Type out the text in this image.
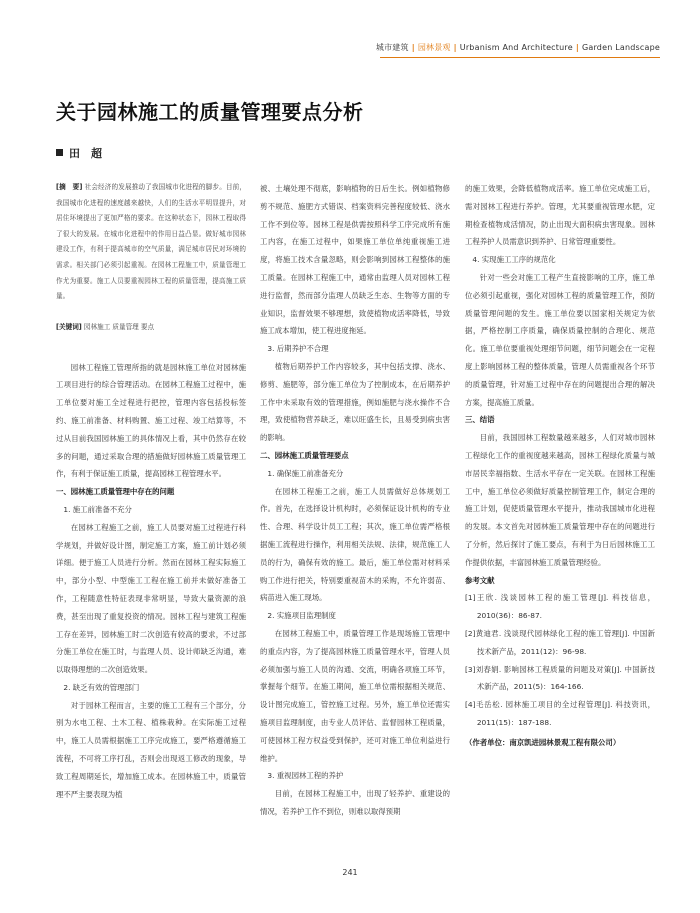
城市建筑 | 园林景观 | Urbanism And Architecture | Garden Landscape
关于园林施工的质量管理要点分析
田　超
[摘　要] 社会经济的发展推动了我国城市化进程的脚步。目前，我国城市化进程的速度越来越快，人们的生活水平明显提升，对居住环境提出了更加严格的要求。在这种状态下，园林工程取得了很大的发展。在城市化进程中的作用日益凸显。做好城市园林建设工作，有利于提高城市的空气质量，满足城市居民对环境的需求。相关部门必须引起重视。在园林工程施工中，质量管理工作尤为重要。施工人员要重视园林工程的质量管理，提高施工质量。
[关键词] 园林施工 质量管理 要点

园林工程施工管理所指的就是园林施工单位对园林施工项目进行的综合管理活动。在园林工程施工过程中，施工单位要对施工全过程进行把控，管理内容包括投标签约、施工前准备、材料购置、施工过程、竣工结算等，不过从目前我国园林施工的具体情况上看，其中仍然存在较多的问题，通过采取合理的措施做好园林施工质量管理工作，有利于保证施工质量，提高园林工程管理水平。

一、园林施工质量管理中存在的问题

1. 施工前准备不充分

在园林工程施工之前，施工人员要对施工过程进行科学规划，并做好设计图，制定施工方案，施工前计划必须详细。便于施工人员进行分析。然而在园林工程实际施工中，部分小型、中型施工工程在施工前并未做好准备工作，工程随意性特征表现非常明显，导致大量资源的浪费，甚至出现了重复投资的情况。园林工程与建筑工程施工存在差异，园林施工时二次创造有较高的要求，不过部分施工单位在施工时，与监理人员、设计师缺乏沟通，难以取得理想的二次创造效果。

2. 缺乏有效的管理部门

对于园林工程而言，主要的施工工程有三个部分，分别为水电工程、土木工程、植株栽种。在实际施工过程中，施工人员需根据施工工序完成施工，要严格遵循施工流程，不可将工序打乱，否则会出现返工修改的现象，导致工程周期延长，增加施工成本。在园林施工中，质量管理不严主要表现为植

被、土壤处理不彻底，影响植物的日后生长。例如植物修剪不规范、施肥方式错误、档案资料完善程度较低、浇水工作不到位等。园林工程是供需按照科学工序完成所有施工内容，在施工过程中，如果施工单位单纯重视施工进度，将施工技术含量忽略，则会影响到园林工程整体的施工质量。在园林工程施工中，通常由监理人员对园林工程进行监督，然而部分监理人员缺乏生态、生物等方面的专业知识，监督效果不够理想，致使植物成活率降低，导致施工成本增加，使工程进度拖延。

3. 后期养护不合理

植物后期养护工作内容较多，其中包括支撑、浇水、修剪、施肥等，部分施工单位为了控制成本，在后期养护工作中未采取有效的管理措施，例如施肥与浇水操作不合理，致使植物营养缺乏，难以旺盛生长，且易受到病虫害的影响。

二、园林施工质量管理要点

1. 确保施工前准备充分

在园林工程施工之前，施工人员需做好总体规划工作。首先，在选择设计机构时，必须保证设计机构的专业性、合理、科学设计员工工程；其次，施工单位需严格根据施工流程进行操作，利用相关法规、法律，规范施工人员的行为，确保有效的施工。最后，施工单位需对材料采购工作进行把关，特别要重视苗木的采购，不允许弱苗、病苗进入施工现场。

2. 实施项目监理制度

在园林工程施工中，质量管理工作是现场施工管理中的重点内容，为了提高园林施工质量管理水平，管理人员必须加强与施工人员的沟通、交流，明确各项施工环节，掌握每个细节。在施工期间，施工单位需根据相关规范、设计图完成施工，管控施工过程。另外，施工单位还需实施项目监理制度，由专业人员评估、监督园林工程质量，可使园林工程方权益受到保护，还可对施工单位利益进行维护。

3. 重视园林工程的养护

目前，在园林工程施工中，出现了轻养护、重建设的情况，若养护工作不到位，则难以取得预期

的施工效果，会降低植物成活率。施工单位完成施工后，需对园林工程进行养护。管理，尤其要重视管理水肥，定期检查植物成活情况，防止出现大面积病虫害现象。园林工程养护人员需意识到养护、日常管理重要性。

4. 实现施工工序的规范化

针对一些会对施工工程产生直接影响的工序，施工单位必须引起重视，强化对园林工程的质量管理工作，预防质量管理问题的发生。施工单位要以国家相关规定为依据，严格控制工序质量，确保质量控制的合理化、规范化。施工单位要重视处理细节问题，细节问题会在一定程度上影响园林工程的整体质量，管理人员需重视各个环节的质量管理，针对施工过程中存在的问题提出合理的解决方案，提高施工质量。

三、结语

目前，我国园林工程数量越来越多，人们对城市园林工程绿化工作的重视度越来越高，园林工程绿化质量与城市居民幸福指数、生活水平存在一定关联。在园林工程施工中，施工单位必须做好质量控制管理工作，制定合理的施工计划，促使质量管理水平提升，推动我国城市化进程的发展。本文首先对园林施工质量管理中存在的问题进行了分析，然后探讨了施工要点，有利于为日后园林施工工作提供依据，丰富园林施工质量管理经验。

参考文献

[1]王欣. 浅谈园林工程的施工管理[J]. 科技信息，2010(36)：86-87.

[2]黄迪君. 浅谈现代园林绿化工程的施工管理[J]. 中国新技术新产品，2011(12)：96-98.

[3]刘春娟. 影响园林工程质量的问题及对策[J]. 中国新技术新产品，2011(5)：164-166.

[4]毛岳松. 园林施工项目的全过程管理[J]. 科技资讯，2011(15)：187-188.

（作者单位：南京凯进园林景观工程有限公司）

241
